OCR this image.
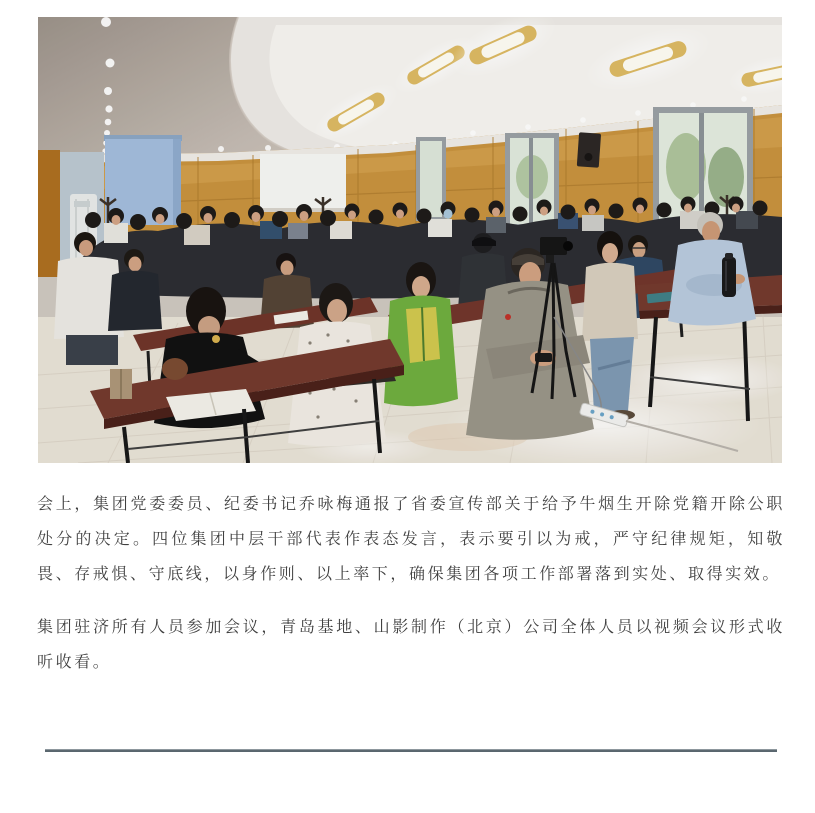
会上，集团党委委员、纪委书记乔咏梅通报了省委宣传部关于给予牛烟生开除党籍开除公职处分的决定。四位集团中层干部代表作表态发言，表示要引以为戒，严守纪律规矩，知敬畏、存戒惧、守底线，以身作则、以上率下，确保集团各项工作部署落到实处、取得实效。

集团驻济所有人员参加会议，青岛基地、山影制作（北京）公司全体人员以视频会议形式收听收看。
